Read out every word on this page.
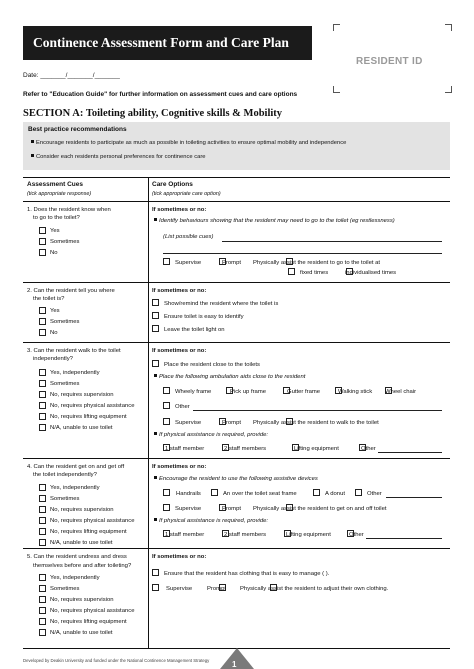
Continence Assessment Form and Care Plan
RESIDENT ID
Date: _______/_______/_______
Refer to "Education Guide" for further information on assessment cues and care options
SECTION A: Toileting ability, Cognitive skills & Mobility
Best practice recommendations
Encourage residents to participate as much as possible in toileting activities to ensure optimal mobility and independence
Consider each residents personal preferences for continence care
Assessment Cues
(tick appropriate response)
Care Options
(tick appropriate care option)
1. Does the resident know when
to go to the toilet?
Yes
Sometimes
No
If sometimes or no:
Identify behaviours showing that the resident may need to go to the toilet (eg restlessness)
(List possible cues)
Supervise	Prompt Physically assist the resident to go to the toilet at
fixed times	individualised times
2. Can the resident tell you where
the toilet is?
Yes
Sometimes
No
If sometimes or no:
Show/remind the resident where the toilet is
Ensure toilet is easy to identify
Leave the toilet light on
3. Can the resident walk to the toilet
independently?
Yes, independently
Sometimes
No, requires supervision
No, requires physical assistance
No, requires lifting equipment
N/A, unable to use toilet
If sometimes or no:
Place the resident close to the toilets
Place the following ambulation aids close to the resident
Wheely frame	Pick up frame	Gutter frame	Walking stick Wheel chair
Other
Supervise	Prompt Physically assist the resident to walk to the toilet
If physical assistance is required, provide:
1 staff member	2 staff members	Lifting equipment	Other
4. Can the resident get on and get off
the toilet independently?
Yes, independently
Sometimes
No, requires supervision
No, requires physical assistance
No, requires lifting equipment
N/A, unable to use toilet
If sometimes or no:
Encourage the resident to use the following assistive devices
Handrails	An over the toilet seat frame	A donut	Other
Supervise	Prompt Physically assist the resident to get on and off toilet
If physical assistance is required, provide:
1 staff member	2 staff members	Lifting equipment	Other
5. Can the resident undress and dress
themselves before and after toileting?
Yes, independently
Sometimes
No, requires supervision
No, requires physical assistance
No, requires lifting equipment
N/A, unable to use toilet
If sometimes or no:
Ensure that the resident has clothing that is easy to manage ( ).
Supervise	Prompt Physically assist the resident to adjust their own clothing.
Developed by Deakin University and funded under the National Continence Management Strategy	1
